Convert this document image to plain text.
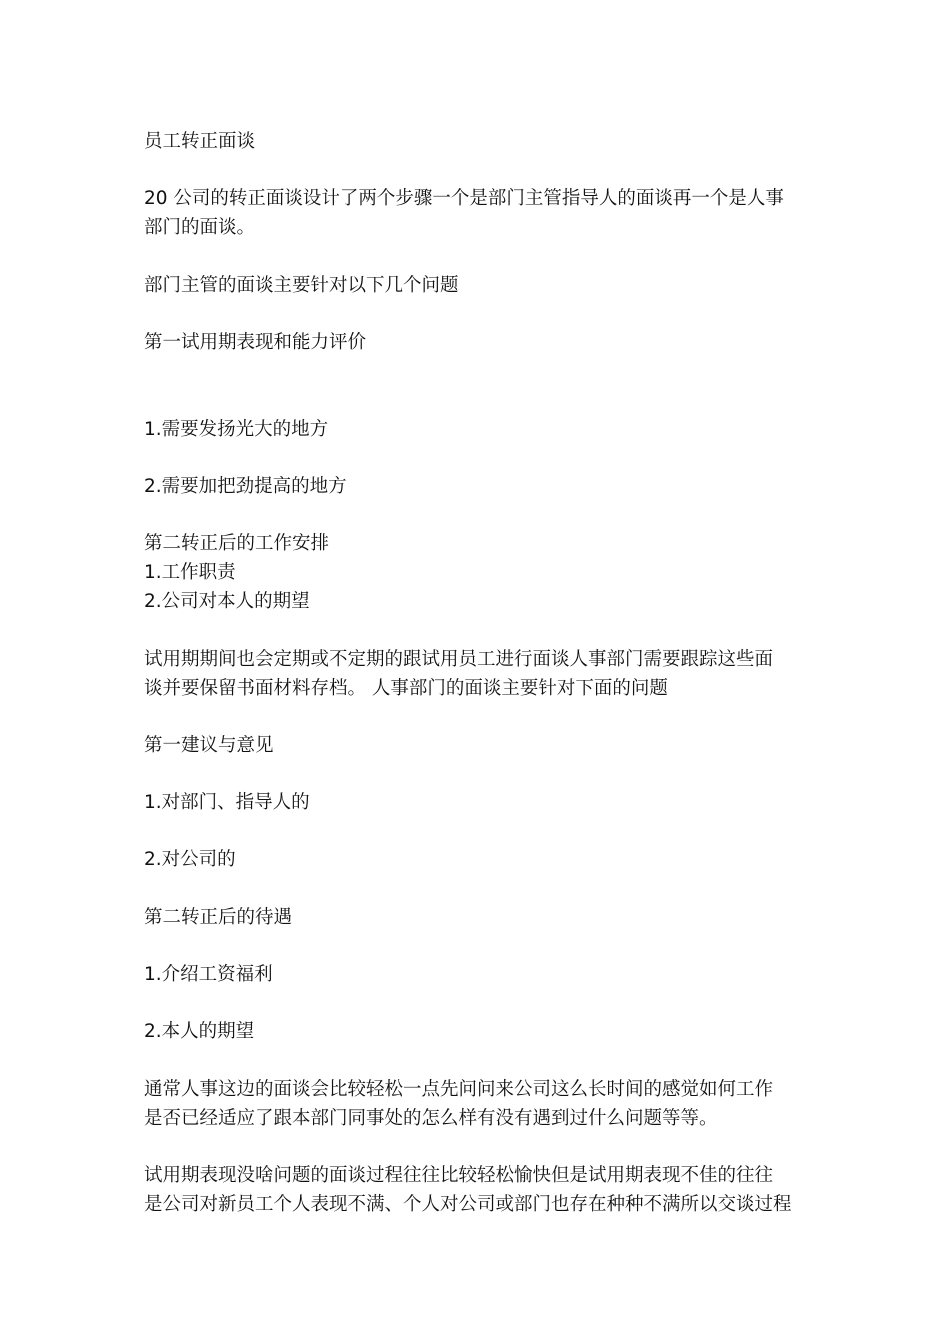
员工转正面谈
20 公司的转正面谈设计了两个步骤一个是部门主管指导人的面谈再一个是人事
部门的面谈。
部门主管的面谈主要针对以下几个问题
第一试用期表现和能力评价
1.需要发扬光大的地方
2.需要加把劲提高的地方
第二转正后的工作安排
1.工作职责
2.公司对本人的期望
试用期期间也会定期或不定期的跟试用员工进行面谈人事部门需要跟踪这些面
谈并要保留书面材料存档。 人事部门的面谈主要针对下面的问题
第一建议与意见
1.对部门、指导人的
2.对公司的
第二转正后的待遇
1.介绍工资福利
2.本人的期望
通常人事这边的面谈会比较轻松一点先问问来公司这么长时间的感觉如何工作
是否已经适应了跟本部门同事处的怎么样有没有遇到过什么问题等等。
试用期表现没啥问题的面谈过程往往比较轻松愉快但是试用期表现不佳的往往
是公司对新员工个人表现不满、个人对公司或部门也存在种种不满所以交谈过程
